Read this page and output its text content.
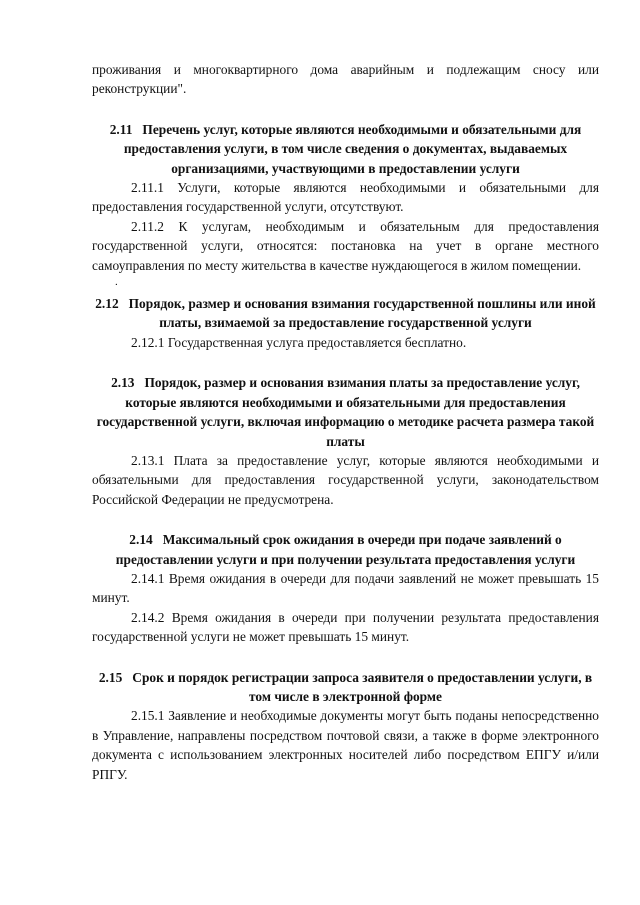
проживания и многоквартирного дома аварийным и подлежащим сносу или реконструкции".

2.11 Перечень услуг, которые являются необходимыми и обязательными для предоставления услуги, в том числе сведения о документах, выдаваемых организациями, участвующими в предоставлении услуги

2.11.1 Услуги, которые являются необходимыми и обязательными для предоставления государственной услуги, отсутствуют.

2.11.2 К услугам, необходимым и обязательным для предоставления государственной услуги, относятся: постановка на учет в органе местного самоуправления по месту жительства в качестве нуждающегося в жилом помещении.

.
2.12 Порядок, размер и основания взимания государственной пошлины или иной платы, взимаемой за предоставление государственной услуги

2.12.1 Государственная услуга предоставляется бесплатно.

2.13 Порядок, размер и основания взимания платы за предоставление услуг, которые являются необходимыми и обязательными для предоставления государственной услуги, включая информацию о методике расчета размера такой платы

2.13.1 Плата за предоставление услуг, которые являются необходимыми и обязательными для предоставления государственной услуги, законодательством Российской Федерации не предусмотрена.

2.14 Максимальный срок ожидания в очереди при подаче заявлений о предоставлении услуги и при получении результата предоставления услуги

2.14.1 Время ожидания в очереди для подачи заявлений не может превышать 15 минут.

2.14.2 Время ожидания в очереди при получении результата предоставления государственной услуги не может превышать 15 минут.

2.15 Срок и порядок регистрации запроса заявителя о предоставлении услуги, в том числе в электронной форме

2.15.1 Заявление и необходимые документы могут быть поданы непосредственно в Управление, направлены посредством почтовой связи, а также в форме электронного документа с использованием электронных носителей либо посредством ЕПГУ и/или РПГУ.
